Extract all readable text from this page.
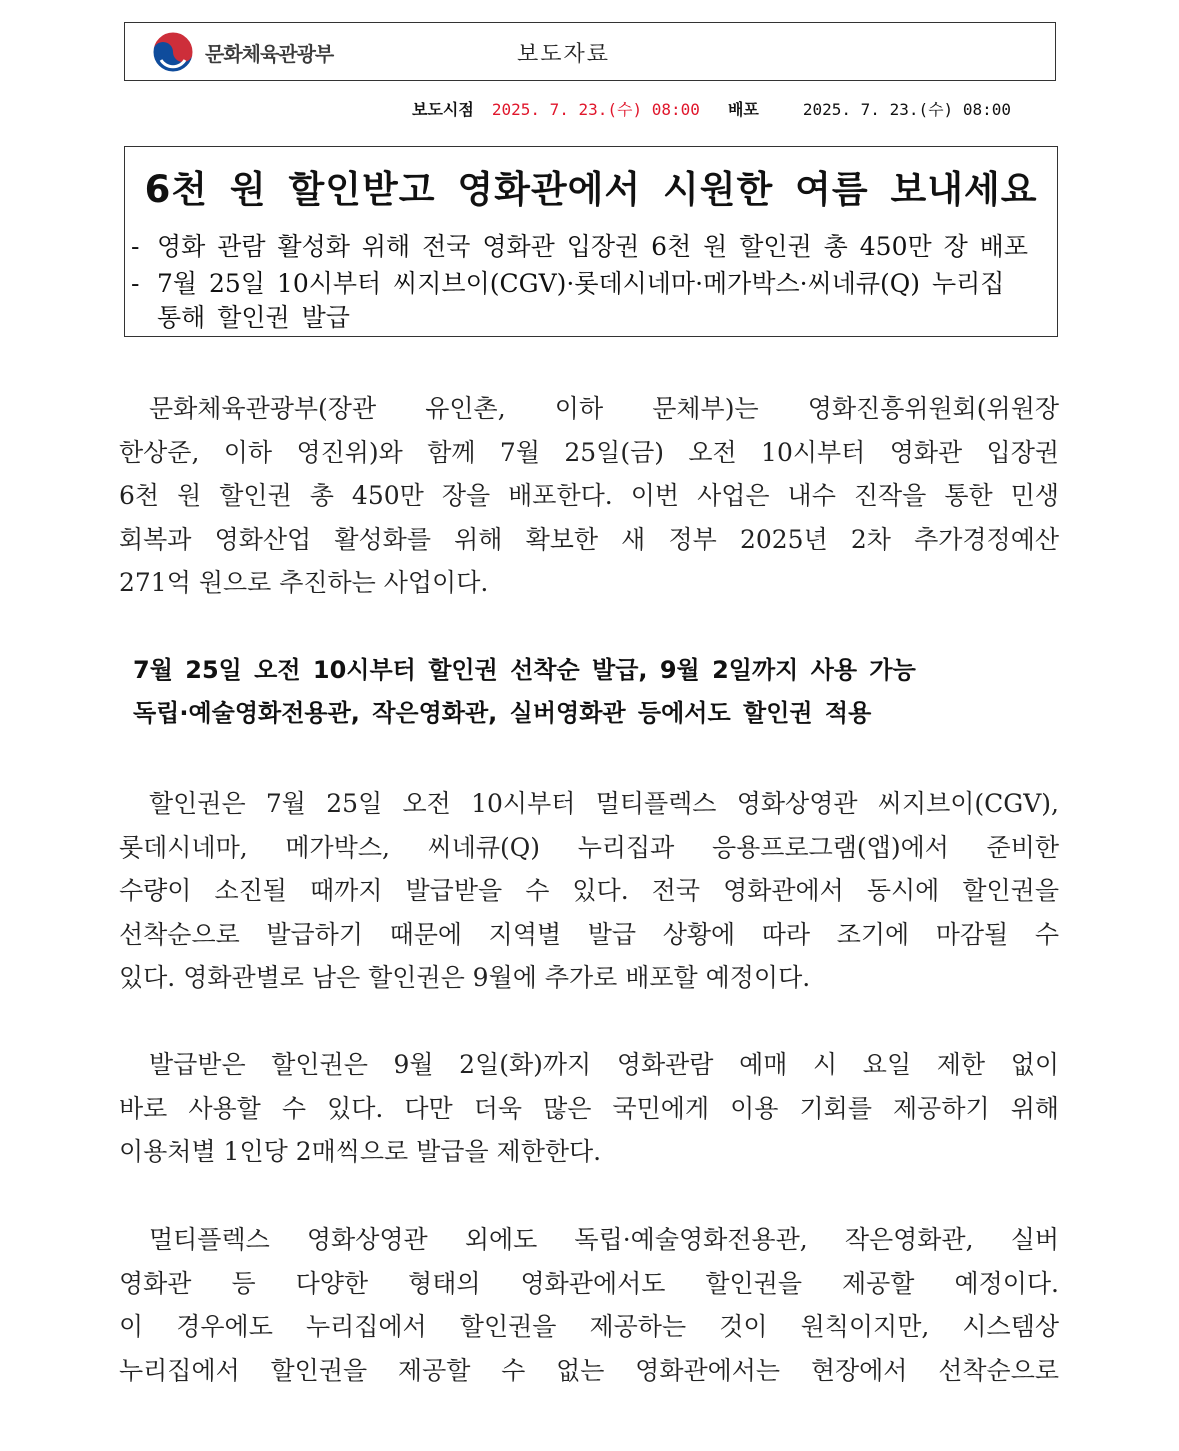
문화체육관광부	보도자료
보도시점 2025. 7. 23.(수) 08:00 배포	2025. 7. 23.(수) 08:00
6천 원 할인받고 영화관에서 시원한 여름 보내세요
- 영화 관람 활성화 위해 전국 영화관 입장권 6천 원 할인권 총 450만 장 배포
- 7월 25일 10시부터 씨지브이(CGV)·롯데시네마·메가박스·씨네큐(Q) 누리집
통해 할인권 발급
문화체육관광부(장관 유인촌, 이하 문체부)는 영화진흥위원회(위원장
한상준, 이하 영진위)와 함께 7월 25일(금) 오전 10시부터 영화관 입장권
6천 원 할인권 총 450만 장을 배포한다. 이번 사업은 내수 진작을 통한 민생
회복과 영화산업 활성화를 위해 확보한 새 정부 2025년 2차 추가경정예산
271억 원으로 추진하는 사업이다.
7월 25일 오전 10시부터 할인권 선착순 발급, 9월 2일까지 사용 가능
독립·예술영화전용관, 작은영화관, 실버영화관 등에서도 할인권 적용
할인권은 7월 25일 오전 10시부터 멀티플렉스 영화상영관 씨지브이(CGV),
롯데시네마, 메가박스, 씨네큐(Q) 누리집과 응용프로그램(앱)에서 준비한
수량이 소진될 때까지 발급받을 수 있다. 전국 영화관에서 동시에 할인권을
선착순으로 발급하기 때문에 지역별 발급 상황에 따라 조기에 마감될 수
있다. 영화관별로 남은 할인권은 9월에 추가로 배포할 예정이다.
발급받은 할인권은 9월 2일(화)까지 영화관람 예매 시 요일 제한 없이
바로 사용할 수 있다. 다만 더욱 많은 국민에게 이용 기회를 제공하기 위해
이용처별 1인당 2매씩으로 발급을 제한한다.
멀티플렉스 영화상영관 외에도 독립·예술영화전용관, 작은영화관, 실버
영화관 등 다양한 형태의 영화관에서도 할인권을 제공할 예정이다.
이 경우에도 누리집에서 할인권을 제공하는 것이 원칙이지만, 시스템상
누리집에서 할인권을 제공할 수 없는 영화관에서는 현장에서 선착순으로
